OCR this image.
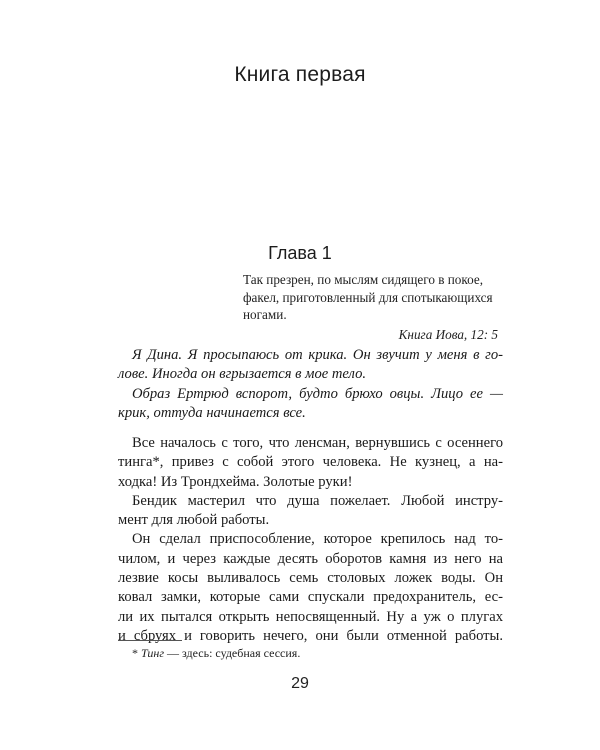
Книга первая
Глава 1
Так презрен, по мыслям сидящего в покое,
факел, приготовленный для спотыкающихся
ногами.
Книга Иова, 12: 5
Я Дина. Я просыпаюсь от крика. Он звучит у меня в го-
лове. Иногда он вгрызается в мое тело.
Образ Ертрюд вспорот, будто брюхо овцы. Лицо ее —
крик, оттуда начинается все.
Все началось с того, что ленсман, вернувшись с осеннего
тинга*, привез с собой этого человека. Не кузнец, а на-
ходка! Из Трондхейма. Золотые руки!
Бендик мастерил что душа пожелает. Любой инстру-
мент для любой работы.
Он сделал приспособление, которое крепилось над то-
чилом, и через каждые десять оборотов камня из него на
лезвие косы выливалось семь столовых ложек воды. Он
ковал замки, которые сами спускали предохранитель, ес-
ли их пытался открыть непосвященный. Ну а уж о плугах
и сбруях и говорить нечего, они были отменной работы.
* Тинг — здесь: судебная сессия.
29
